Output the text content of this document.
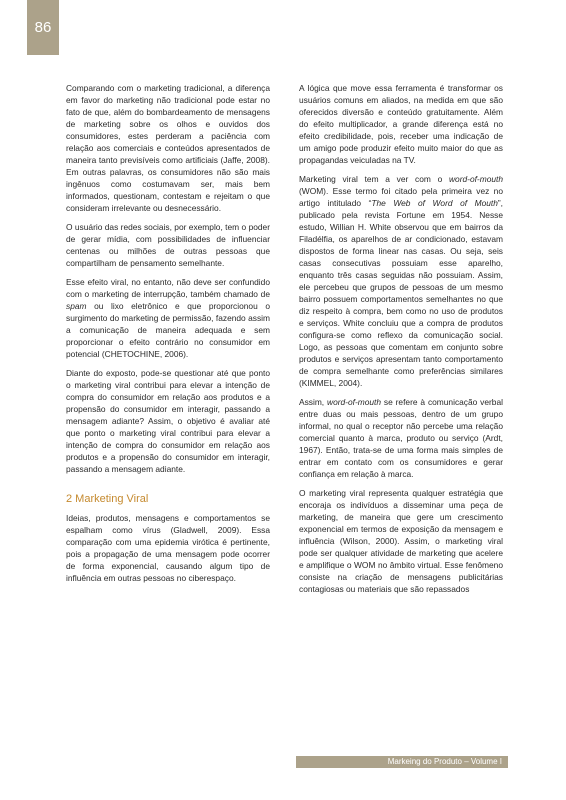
86

Comparando com o marketing tradicional, a diferença em favor do marketing não tradicional pode estar no fato de que, além do bombardeamento de mensagens de marketing sobre os olhos e ouvidos dos consumidores, estes perderam a paciência com relação aos comerciais e conteúdos apresentados de maneira tanto previsíveis como artificiais (Jaffe, 2008). Em outras palavras, os consumidores não são mais ingênuos como costumavam ser, mais bem informados, questionam, contestam e rejeitam o que consideram irrelevante ou desnecessário.

O usuário das redes sociais, por exemplo, tem o poder de gerar mídia, com possibilidades de influenciar centenas ou milhões de outras pessoas que compartilham de pensamento semelhante.

Esse efeito viral, no entanto, não deve ser confundido com o marketing de interrupção, também chamado de spam ou lixo eletrônico e que proporcionou o surgimento do marketing de permissão, fazendo assim a comunicação de maneira adequada e sem proporcionar o efeito contrário no consumidor em potencial (CHETOCHINE, 2006).

Diante do exposto, pode-se questionar até que ponto o marketing viral contribui para elevar a intenção de compra do consumidor em relação aos produtos e a propensão do consumidor em interagir, passando a mensagem adiante? Assim, o objetivo é avaliar até que ponto o marketing viral contribui para elevar a intenção de compra do consumidor em relação aos produtos e a propensão do consumidor em interagir, passando a mensagem adiante.

2 Marketing Viral

Ideias, produtos, mensagens e comportamentos se espalham como vírus (Gladwell, 2009). Essa comparação com uma epidemia virótica é pertinente, pois a propagação de uma mensagem pode ocorrer de forma exponencial, causando algum tipo de influência em outras pessoas no ciberespaço.

A lógica que move essa ferramenta é transformar os usuários comuns em aliados, na medida em que são oferecidos diversão e conteúdo gratuitamente. Além do efeito multiplicador, a grande diferença está no efeito credibilidade, pois, receber uma indicação de um amigo pode produzir efeito muito maior do que as propagandas veiculadas na TV.

Marketing viral tem a ver com o word-of-mouth (WOM). Esse termo foi citado pela primeira vez no artigo intitulado “The Web of Word of Mouth”, publicado pela revista Fortune em 1954. Nesse estudo, Willian H. White observou que em bairros da Filadélfia, os aparelhos de ar condicionado, estavam dispostos de forma linear nas casas. Ou seja, seis casas consecutivas possuiam esse aparelho, enquanto três casas seguidas não possuiam. Assim, ele percebeu que grupos de pessoas de um mesmo bairro possuem comportamentos semelhantes no que diz respeito à compra, bem como no uso de produtos e serviços. White concluiu que a compra de produtos configura-se como reflexo da comunicação social. Logo, as pessoas que comentam em conjunto sobre produtos e serviços apresentam tanto comportamento de compra semelhante como preferências similares (KIMMEL, 2004).

Assim, word-of-mouth se refere à comunicação verbal entre duas ou mais pessoas, dentro de um grupo informal, no qual o receptor não percebe uma relação comercial quanto à marca, produto ou serviço (Ardt, 1967). Então, trata-se de uma forma mais simples de entrar em contato com os consumidores e gerar confiança em relação à marca.

O marketing viral representa qualquer estratégia que encoraja os indivíduos a disseminar uma peça de marketing, de maneira que gere um crescimento exponencial em termos de exposição da mensagem e influência (Wilson, 2000). Assim, o marketing viral pode ser qualquer atividade de marketing que acelere e amplifique o WOM no âmbito virtual. Esse fenômeno consiste na criação de mensagens publicitárias contagiosas ou materiais que são repassados

Markeing do Produto – Volume I
